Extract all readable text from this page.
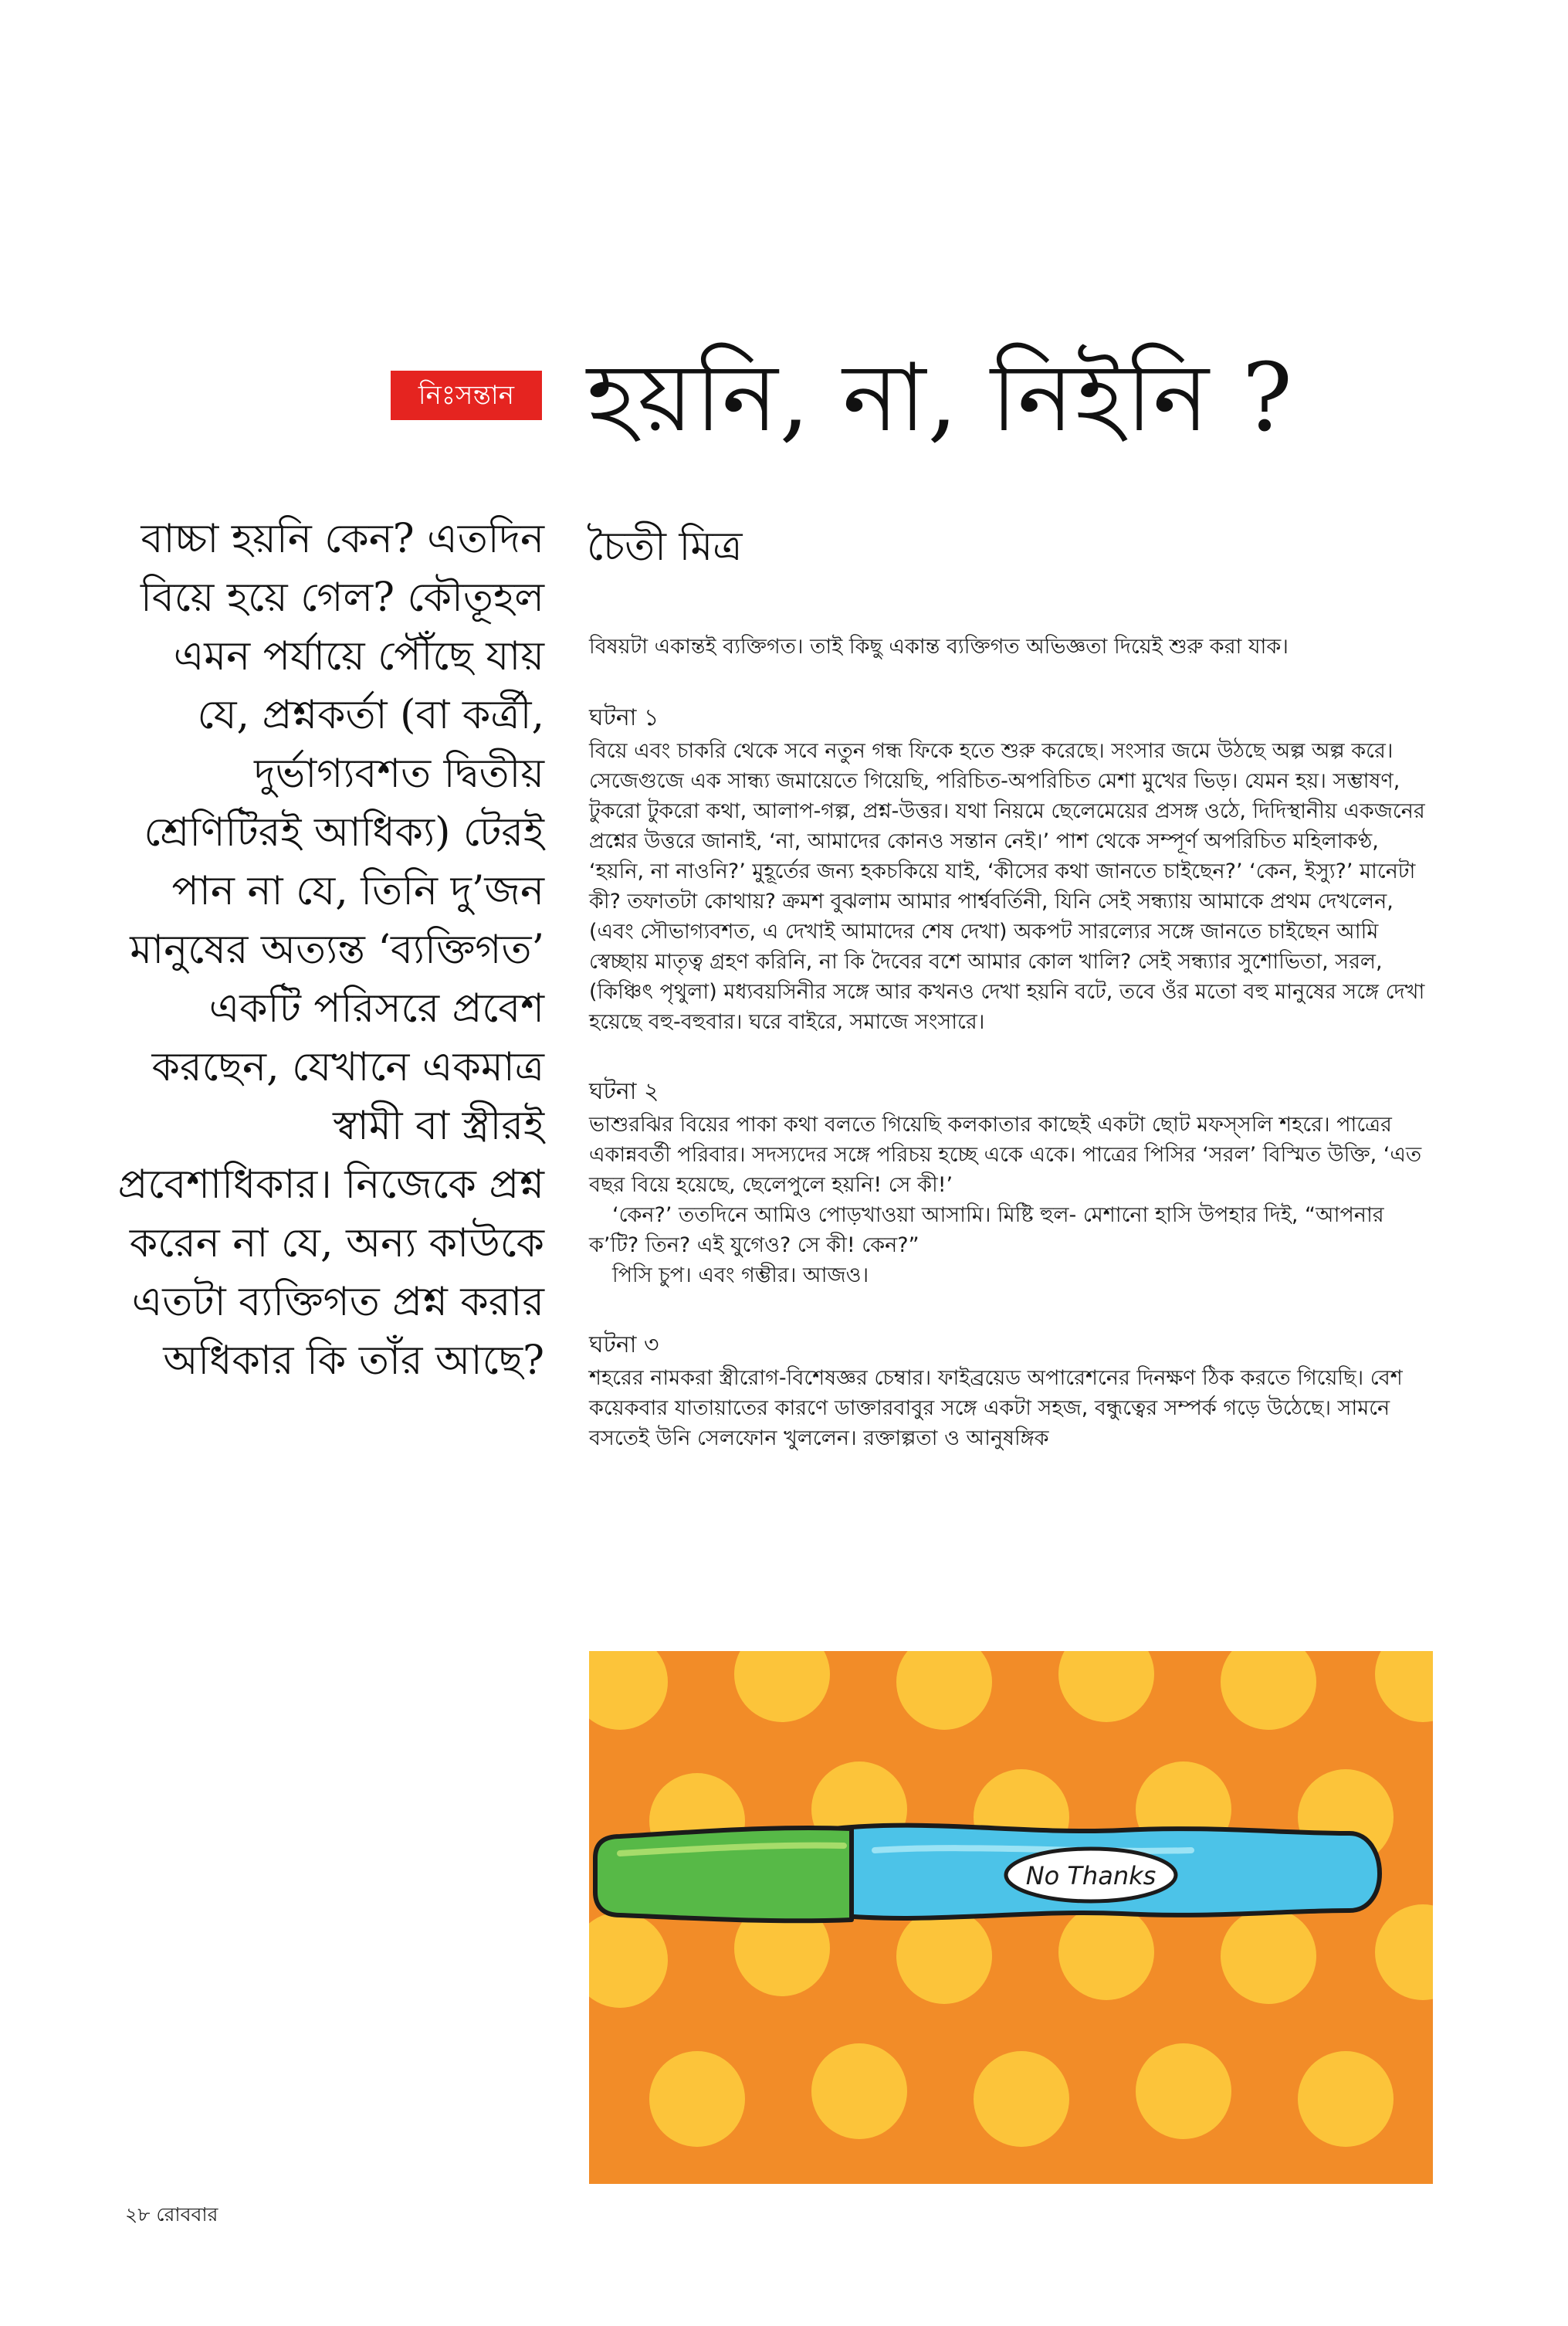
নিঃসন্তান হয়নি, না, নিইনি ?

বাচ্চা হয়নি কেন? এতদিন বিয়ে হয়ে গেল? কৌতূহল এমন পর্যায়ে পৌঁছে যায় যে, প্রশ্নকর্তা (বা কর্ত্রী, দুর্ভাগ্যবশত দ্বিতীয় শ্রেণিটিরই আধিক্য) টেরই পান না যে, তিনি দু’জন মানুষের অত্যন্ত ‘ব্যক্তিগত’ একটি পরিসরে প্রবেশ করছেন, যেখানে একমাত্র স্বামী বা স্ত্রীরই প্রবেশাধিকার। নিজেকে প্রশ্ন করেন না যে, অন্য কাউকে এতটা ব্যক্তিগত প্রশ্ন করার অধিকার কি তাঁর আছে?

চৈতী মিত্র

বিষয়টা একান্তই ব্যক্তিগত। তাই কিছু একান্ত ব্যক্তিগত অভিজ্ঞতা দিয়েই শুরু করা যাক।

ঘটনা ১

বিয়ে এবং চাকরি থেকে সবে নতুন গন্ধ ফিকে হতে শুরু করেছে। সংসার জমে উঠছে অল্প অল্প করে। সেজেগুজে এক সান্ধ্য জমায়েতে গিয়েছি, পরিচিত-অপরিচিত মেশা মুখের ভিড়। যেমন হয়। সম্ভাষণ, টুকরো টুকরো কথা, আলাপ-গল্প, প্রশ্ন-উত্তর। যথা নিয়মে ছেলেমেয়ের প্রসঙ্গ ওঠে, দিদিস্থানীয় একজনের প্রশ্নের উত্তরে জানাই, ‘না, আমাদের কোনও সন্তান নেই।’ পাশ থেকে সম্পূর্ণ অপরিচিত মহিলাকণ্ঠ, ‘হয়নি, না নাওনি?’ মুহূর্তের জন্য হকচকিয়ে যাই, ‘কীসের কথা জানতে চাইছেন?’ ‘কেন, ইস্যু?’ মানেটা কী? তফাতটা কোথায়? ক্রমশ বুঝলাম আমার পার্শ্ববর্তিনী, যিনি সেই সন্ধ্যায় আমাকে প্রথম দেখলেন, (এবং সৌভাগ্যবশত, এ দেখাই আমাদের শেষ দেখা) অকপট সারল্যের সঙ্গে জানতে চাইছেন আমি স্বেচ্ছায় মাতৃত্ব গ্রহণ করিনি, না কি দৈবের বশে আমার কোল খালি? সেই সন্ধ্যার সুশোভিতা, সরল, (কিঞ্চিৎ পৃথুলা) মধ্যবয়সিনীর সঙ্গে আর কখনও দেখা হয়নি বটে, তবে ওঁর মতো বহু মানুষের সঙ্গে দেখা হয়েছে বহু-বহুবার। ঘরে বাইরে, সমাজে সংসারে।

ঘটনা ২

ভাশুরঝির বিয়ের পাকা কথা বলতে গিয়েছি কলকাতার কাছেই একটা ছোট মফস্‌সলি শহরে। পাত্রের একান্নবর্তী পরিবার। সদস্যদের সঙ্গে পরিচয় হচ্ছে একে একে। পাত্রের পিসির ‘সরল’ বিস্মিত উক্তি, ‘এত বছর বিয়ে হয়েছে, ছেলেপুলে হয়নি! সে কী!’

‘কেন?’ ততদিনে আমিও পোড়খাওয়া আসামি। মিষ্টি হুল- মেশানো হাসি উপহার দিই, “আপনার ক’টি? তিন? এই যুগেও? সে কী! কেন?”

পিসি চুপ। এবং গম্ভীর। আজও।

ঘটনা ৩

শহরের নামকরা স্ত্রীরোগ-বিশেষজ্ঞর চেম্বার। ফাইব্রয়েড অপারেশনের দিনক্ষণ ঠিক করতে গিয়েছি। বেশ কয়েকবার যাতায়াতের কারণে ডাক্তারবাবুর সঙ্গে একটা সহজ, বন্ধুত্বের সম্পর্ক গড়ে উঠেছে। সামনে বসতেই উনি সেলফোন খুললেন। রক্তাল্পতা ও আনুষঙ্গিক

No Thanks
২৮ রোববার
